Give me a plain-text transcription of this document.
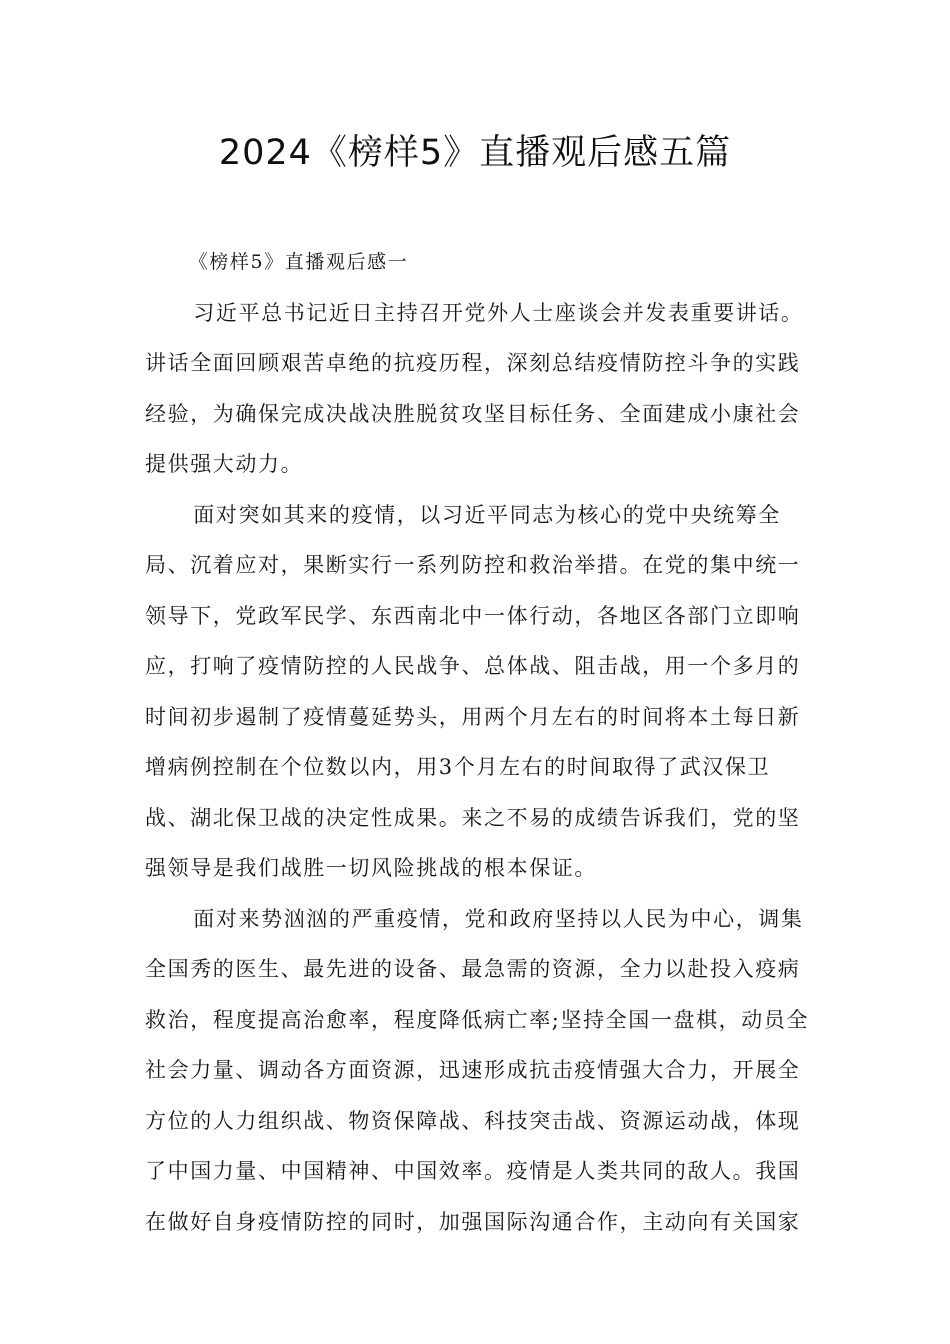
2024《榜样5》直播观后感五篇

《榜样5》直播观后感一

习近平总书记近日主持召开党外人士座谈会并发表重要讲话。讲话全面回顾艰苦卓绝的抗疫历程，深刻总结疫情防控斗争的实践经验，为确保完成决战决胜脱贫攻坚目标任务、全面建成小康社会提供强大动力。

面对突如其来的疫情，以习近平同志为核心的党中央统筹全局、沉着应对，果断实行一系列防控和救治举措。在党的集中统一领导下，党政军民学、东西南北中一体行动，各地区各部门立即响应，打响了疫情防控的人民战争、总体战、阻击战，用一个多月的时间初步遏制了疫情蔓延势头，用两个月左右的时间将本土每日新增病例控制在个位数以内，用3个月左右的时间取得了武汉保卫战、湖北保卫战的决定性成果。来之不易的成绩告诉我们，党的坚强领导是我们战胜一切风险挑战的根本保证。

面对来势汹汹的严重疫情，党和政府坚持以人民为中心，调集全国秀的医生、最先进的设备、最急需的资源，全力以赴投入疫病救治，程度提高治愈率，程度降低病亡率;坚持全国一盘棋，动员全社会力量、调动各方面资源，迅速形成抗击疫情强大合力，开展全方位的人力组织战、物资保障战、科技突击战、资源运动战，体现了中国力量、中国精神、中国效率。疫情是人类共同的敌人。我国在做好自身疫情防控的同时，加强国际沟通合作，主动向有关国家
